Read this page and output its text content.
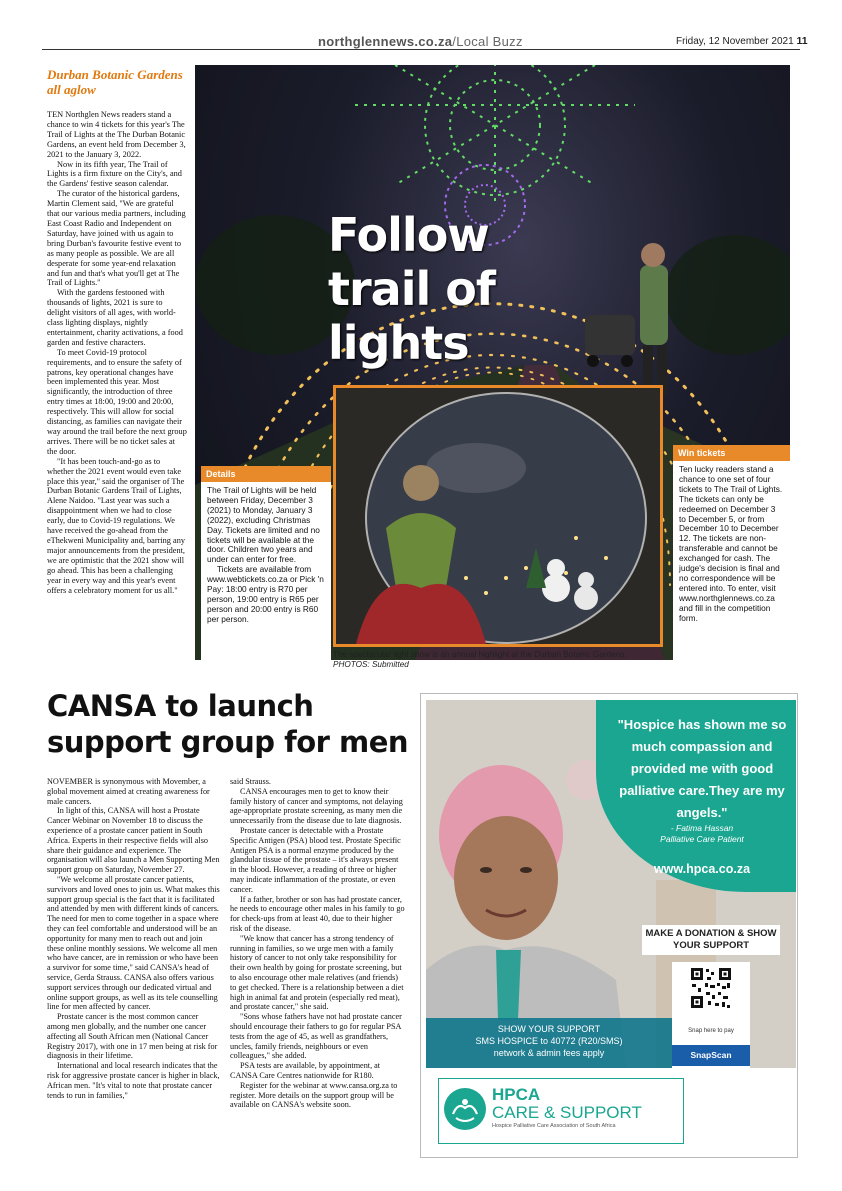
northglennews.co.za/Local Buzz	Friday, 12 November 2021 11
Durban Botanic Gardens all aglow

TEN Northglen News readers stand a chance to win 4 tickets for this year's The Trail of Lights at the The Durban Botanic Gardens, an event held from December 3, 2021 to the January 3, 2022.

Now in its fifth year, The Trail of Lights is a firm fixture on the City's, and the Gardens' festive season calendar.

The curator of the historical gardens, Martin Clement said, "We are grateful that our various media partners, including East Coast Radio and Independent on Saturday, have joined with us again to bring Durban's favourite festive event to as many people as possible. We are all desperate for some year-end relaxation and fun and that's what you'll get at The Trail of Lights."

With the gardens festooned with thousands of lights, 2021 is sure to delight visitors of all ages, with world-class lighting displays, nightly entertainment, charity activations, a food garden and festive characters.

To meet Covid-19 protocol requirements, and to ensure the safety of patrons, key operational changes have been implemented this year. Most significantly, the introduction of three entry times at 18:00, 19:00 and 20:00, respectively. This will allow for social distancing, as families can navigate their way around the trail before the next group arrives. There will be no ticket sales at the door.

"It has been touch-and-go as to whether the 2021 event would even take place this year," said the organiser of The Durban Botanic Gardens Trail of Lights, Alene Naidoo. "Last year was such a disappointment when we had to close early, due to Covid-19 regulations. We have received the go-ahead from the eThekweni Municipality and, barring any major announcements from the president, we are optimistic that the 2021 show will go ahead. This has been a challenging year in every way and this year's event offers a celebratory moment for us all."

Follow
trail of
lights
The spectacular light show is an annual highlight at the Durban Botanic Gardens.
PHOTOS: Submitted
Details

The Trail of Lights will be held between Friday, December 3 (2021) to Monday, January 3 (2022), excluding Christmas Day. Tickets are limited and no tickets will be available at the door. Children two years and under can enter for free.

Tickets are available from www.webtickets.co.za or Pick 'n Pay: 18:00 entry is R70 per person, 19:00 entry is R65 per person and 20:00 entry is R60 per person.

Win tickets

Ten lucky readers stand a chance to one set of four tickets to The Trail of Lights. The tickets can only be redeemed on December 3 to December 5, or from December 10 to December 12. The tickets are non-transferable and cannot be exchanged for cash. The judge's decision is final and no correspondence will be entered into. To enter, visit www.northglennews.co.za and fill in the competition form.

CANSA to launch
support group for men

NOVEMBER is synonymous with Movember, a global movement aimed at creating awareness for male cancers.

In light of this, CANSA will host a Prostate Cancer Webinar on November 18 to discuss the experience of a prostate cancer patient in South Africa. Experts in their respective fields will also share their guidance and experience. The organisation will also launch a Men Supporting Men support group on Saturday, November 27.

"We welcome all prostate cancer patients, survivors and loved ones to join us. What makes this support group special is the fact that it is facilitated and attended by men with different kinds of cancers. The need for men to come together in a space where they can feel comfortable and understood will be an opportunity for many men to reach out and join these online monthly sessions. We welcome all men who have cancer, are in remission or who have been a survivor for some time," said CANSA's head of service, Gerda Strauss. CANSA also offers various support services through our dedicated virtual and online support groups, as well as its tele counselling line for men affected by cancer.

Prostate cancer is the most common cancer among men globally, and the number one cancer affecting all South African men (National Cancer Registry 2017), with one in 17 men being at risk for diagnosis in their lifetime.

International and local research indicates that the risk for aggressive prostate cancer is higher in black, African men. "It's vital to note that prostate cancer tends to run in families,"

said Strauss.

CANSA encourages men to get to know their family history of cancer and symptoms, not delaying age-appropriate prostate screening, as many men die unnecessarily from the disease due to late diagnosis.

Prostate cancer is detectable with a Prostate Specific Antigen (PSA) blood test. Prostate Specific Antigen PSA is a normal enzyme produced by the glandular tissue of the prostate – it's always present in the blood. However, a reading of three or higher may indicate inflammation of the prostate, or even cancer.

If a father, brother or son has had prostate cancer, he needs to encourage other males in his family to go for check-ups from at least 40, due to their higher risk of the disease.

"We know that cancer has a strong tendency of running in families, so we urge men with a family history of cancer to not only take responsibility for their own health by going for prostate screening, but to also encourage other male relatives (and friends) to get checked. There is a relationship between a diet high in animal fat and protein (especially red meat), and prostate cancer," she said.

"Sons whose fathers have not had prostate cancer should encourage their fathers to go for regular PSA tests from the age of 45, as well as grandfathers, uncles, family friends, neighbours or even colleagues," she added.

PSA tests are available, by appointment, at CANSA Care Centres nationwide for R180.

Register for the webinar at www.cansa.org.za to register. More details on the support group will be available on CANSA's website soon.

"Hospice has shown me so much compassion and provided me with good palliative care.They are my angels."
- Fatima Hassan
Palliative Care Patient
www.hpca.co.za
MAKE A DONATION & SHOW YOUR SUPPORT
Snap here to pay
SnapScan
SHOW YOUR SUPPORT
SMS HOSPICE to 40772 (R20/SMS)
network & admin fees apply
HPCA
CARE & SUPPORT
Hospice Palliative Care Association of South Africa
